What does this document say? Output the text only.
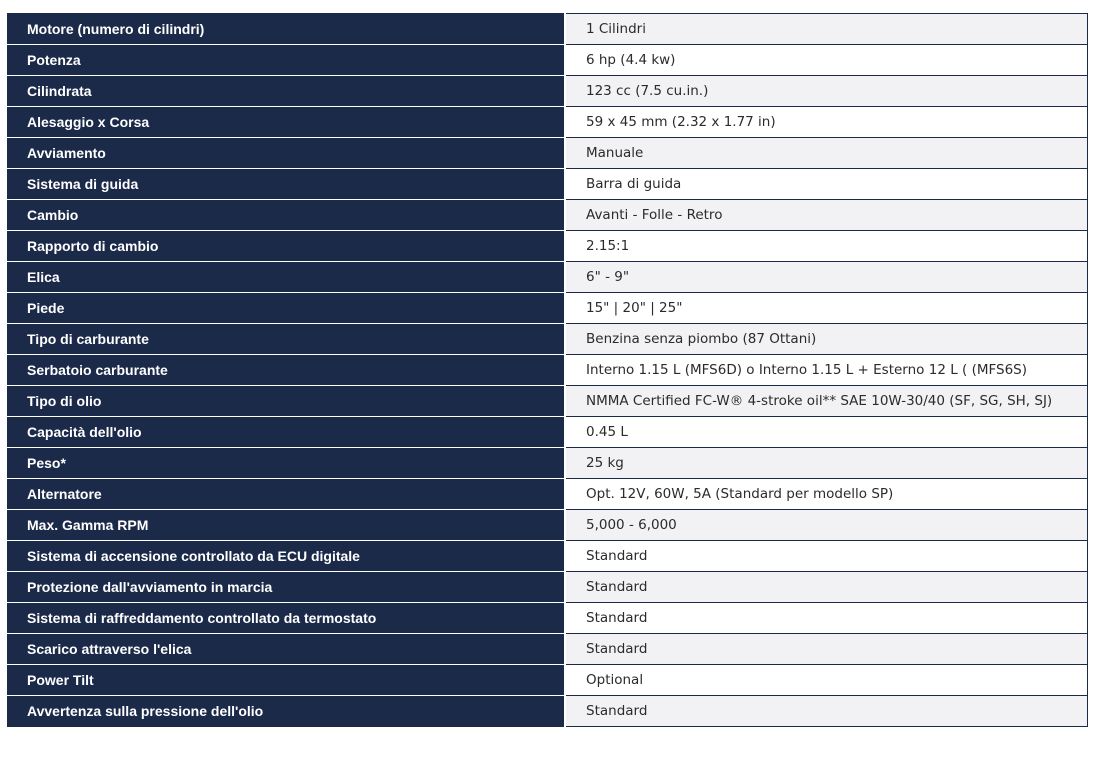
Motore (numero di cilindri)	1 Cilindri
Potenza	6 hp (4.4 kw)
Cilindrata	123 cc (7.5 cu.in.)
Alesaggio x Corsa	59 x 45 mm (2.32 x 1.77 in)
Avviamento	Manuale
Sistema di guida	Barra di guida
Cambio	Avanti - Folle - Retro
Rapporto di cambio	2.15:1
Elica	6" - 9"
Piede	15" | 20" | 25"
Tipo di carburante	Benzina senza piombo (87 Ottani)
Serbatoio carburante	Interno 1.15 L (MFS6D) o Interno 1.15 L + Esterno 12 L ( (MFS6S)
Tipo di olio	NMMA Certified FC-W® 4-stroke oil** SAE 10W-30/40 (SF, SG, SH, SJ)
Capacità dell'olio	0.45 L
Peso*	25 kg
Alternatore	Opt. 12V, 60W, 5A (Standard per modello SP)
Max. Gamma RPM	5,000 - 6,000
Sistema di accensione controllato da ECU digitale	Standard
Protezione dall'avviamento in marcia	Standard
Sistema di raffreddamento controllato da termostato	Standard
Scarico attraverso l'elica	Standard
Power Tilt	Optional
Avvertenza sulla pressione dell'olio	Standard
